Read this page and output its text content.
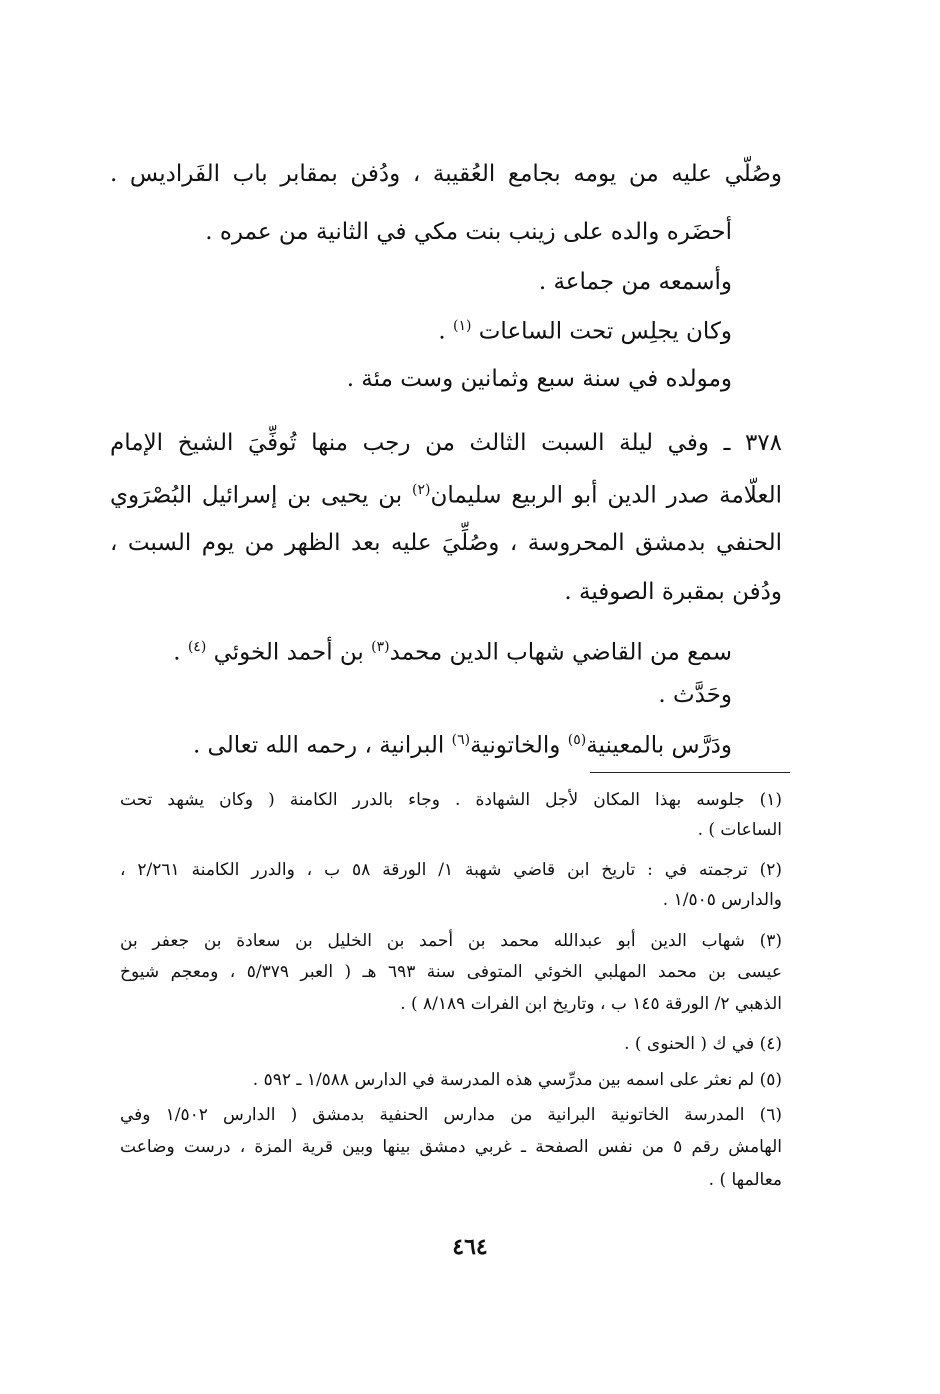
وصُلّي عليه من يومه بجامع العُقيبة ، ودُفن بمقابر باب الفَراديس .
أحضَره والده على زينب بنت مكي في الثانية من عمره .
وأسمعه من جماعة .
وكان يجلِس تحت الساعات $^{(١)}$ .
ومولده في سنة سبع وثمانين وست مئة .
٣٧٨ ـ وفي ليلة السبت الثالث من رجب منها تُوفِّيَ الشيخ الإمام
العلّامة صدر الدين أبو الربيع سليمان$^{(٢)}$ بن يحيى بن إسرائيل البُصْرَوي
الحنفي بدمشق المحروسة ، وصُلِّيَ عليه بعد الظهر من يوم السبت ،
ودُفن بمقبرة الصوفية .
سمع من القاضي شهاب الدين محمد$^{(٣)}$ بن أحمد الخوئي $^{(٤)}$ .
وحَدَّث .
ودَرَّس بالمعينية$^{(٥)}$ والخاتونية$^{(٦)}$ البرانية ، رحمه الله تعالى .
(١) جلوسه بهذا المكان لأجل الشهادة . وجاء بالدرر الكامنة ( وكان يشهد تحت
الساعات ) .
(٢) ترجمته في : تاريخ ابن قاضي شهبة ١/ الورقة ٥٨ ب ، والدرر الكامنة ٢/٢٦١ ،
والدارس ١/٥٠٥ .
(٣) شهاب الدين أبو عبدالله محمد بن أحمد بن الخليل بن سعادة بن جعفر بن
عيسى بن محمد المهلبي الخوئي المتوفى سنة ٦٩٣ هـ ( العبر ٥/٣٧٩ ، ومعجم شيوخ
الذهبي ٢/ الورقة ١٤٥ ب ، وتاريخ ابن الفرات ٨/١٨٩ ) .
(٤) في ك ( الحنوى ) .
(٥) لم نعثر على اسمه بين مدرِّسي هذه المدرسة في الدارس ١/٥٨٨ ـ ٥٩٢ .
(٦) المدرسة الخاتونية البرانية من مدارس الحنفية بدمشق ( الدارس ١/٥٠٢ وفي
الهامش رقم ٥ من نفس الصفحة ـ غربي دمشق بينها وبين قرية المزة ، درست وضاعت
معالمها ) .
٤٦٤
